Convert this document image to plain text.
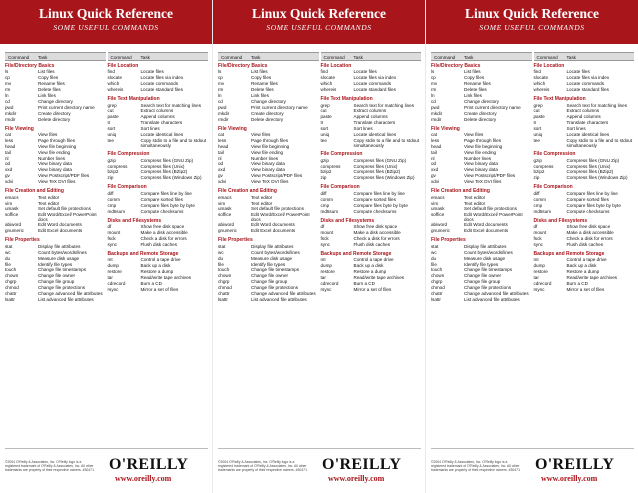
Linux Quick Reference
SOME USEFUL COMMANDS
Command	Task
File/Directory Basics
ls	List files
cp	Copy files
mv	Rename files
rm	Delete files
ln	Link files
cd	Change directory
pwd	Print current directory name
mkdir	Create directory
rmdir	Delete directory
File Viewing
cat	View files
less	Page through files
head	View file beginning
tail	View file ending
nl	Number lines
od	View binary data
xxd	View binary data
gv	View Postscript/PDF files
xdvi	View TeX DVI files
File Creation and Editing
emacs	Text editor
vim	Text editor
umask	Set default file protections
soffice	Edit Word/Excel/ PowerPoint docs
abiword	Edit Word documents
gnumeric	Edit Excel documents
File Properties
stat	Display file attributes
wc	Count bytes/words/lines
du	Measure disk usage
file	Identify file types
touch	Change file timestamps
chown	Change file owner
chgrp	Change file group
chmod	Change file protections
chattr	Change advanced file attributes
lsattr	List advanced file attributes
Command	Task
File Location
find	Locate files
slocate	Locate files via index
which	Locate commands
whereis	Locate standard files
File Text Manipulation
grep	Search text for matching lines
cut	Extract columns
paste	Append columns
tr	Translate characters
sort	Sort lines
uniq	Locate identical lines
tee	Copy stdin to a file and to stdout simultaneously
File Compression
gzip	Compress files (GNU Zip)
compress	Compress files (Unix)
bzip2	Compress files (BZip2)
zip	Compress files (Windows Zip)
File Comparison
diff	Compare files line by line
comm	Compare sorted files
cmp	Compare files byte by byte
md5sum	Compute checksums
Disks and Filesystems
df	Show free disk space
mount	Make a disk accessible
fsck	Check a disk for errors
sync	Flush disk caches
Backups and Remote Storage
mt	Control a tape drive
dump	Back up a disk
restore	Restore a dump
tar	Read/write tape archives
cdrecord	Burn a CD
rsync	Mirror a set of files
©2004 O'Reilly & Associates, Inc. O'Reilly logo is a registered trademark of O'Reilly & Associates, Inc. All other trademarks are property of their respective owners. #30471 O'REILLY
www.oreilly.com
Linux Quick Reference
SOME USEFUL COMMANDS
Command	Task
File/Directory Basics
ls	List files
cp	Copy files
mv	Rename files
rm	Delete files
ln	Link files
cd	Change directory
pwd	Print current directory name
mkdir	Create directory
rmdir	Delete directory
File Viewing
cat	View files
less	Page through files
head	View file beginning
tail	View file ending
nl	Number lines
od	View binary data
xxd	View binary data
gv	View Postscript/PDF files
xdvi	View TeX DVI files
File Creation and Editing
emacs	Text editor
vim	Text editor
umask	Set default file protections
soffice	Edit Word/Excel/ PowerPoint docs
abiword	Edit Word documents
gnumeric	Edit Excel documents
File Properties
stat	Display file attributes
wc	Count bytes/words/lines
du	Measure disk usage
file	Identify file types
touch	Change file timestamps
chown	Change file owner
chgrp	Change file group
chmod	Change file protections
chattr	Change advanced file attributes
lsattr	List advanced file attributes
Command	Task
File Location
find	Locate files
slocate	Locate files via index
which	Locate commands
whereis	Locate standard files
File Text Manipulation
grep	Search text for matching lines
cut	Extract columns
paste	Append columns
tr	Translate characters
sort	Sort lines
uniq	Locate identical lines
tee	Copy stdin to a file and to stdout simultaneously
File Compression
gzip	Compress files (GNU Zip)
compress	Compress files (Unix)
bzip2	Compress files (BZip2)
zip	Compress files (Windows Zip)
File Comparison
diff	Compare files line by line
comm	Compare sorted files
cmp	Compare files byte by byte
md5sum	Compute checksums
Disks and Filesystems
df	Show free disk space
mount	Make a disk accessible
fsck	Check a disk for errors
sync	Flush disk caches
Backups and Remote Storage
mt	Control a tape drive
dump	Back up a disk
restore	Restore a dump
tar	Read/write tape archives
cdrecord	Burn a CD
rsync	Mirror a set of files
©2004 O'Reilly & Associates, Inc. O'Reilly logo is a registered trademark of O'Reilly & Associates, Inc. All other trademarks are property of their respective owners. #30471 O'REILLY
www.oreilly.com
Linux Quick Reference
SOME USEFUL COMMANDS
Command	Task
File/Directory Basics
ls	List files
cp	Copy files
mv	Rename files
rm	Delete files
ln	Link files
cd	Change directory
pwd	Print current directory name
mkdir	Create directory
rmdir	Delete directory
File Viewing
cat	View files
less	Page through files
head	View file beginning
tail	View file ending
nl	Number lines
od	View binary data
xxd	View binary data
gv	View Postscript/PDF files
xdvi	View TeX DVI files
File Creation and Editing
emacs	Text editor
vim	Text editor
umask	Set default file protections
soffice	Edit Word/Excel/ PowerPoint docs
abiword	Edit Word documents
gnumeric	Edit Excel documents
File Properties
stat	Display file attributes
wc	Count bytes/words/lines
du	Measure disk usage
file	Identify file types
touch	Change file timestamps
chown	Change file owner
chgrp	Change file group
chmod	Change file protections
chattr	Change advanced file attributes
lsattr	List advanced file attributes
Command	Task
File Location
find	Locate files
slocate	Locate files via index
which	Locate commands
whereis	Locate standard files
File Text Manipulation
grep	Search text for matching lines
cut	Extract columns
paste	Append columns
tr	Translate characters
sort	Sort lines
uniq	Locate identical lines
tee	Copy stdin to a file and to stdout simultaneously
File Compression
gzip	Compress files (GNU Zip)
compress	Compress files (Unix)
bzip2	Compress files (BZip2)
zip	Compress files (Windows Zip)
File Comparison
diff	Compare files line by line
comm	Compare sorted files
cmp	Compare files byte by byte
md5sum	Compute checksums
Disks and Filesystems
df	Show free disk space
mount	Make a disk accessible
fsck	Check a disk for errors
sync	Flush disk caches
Backups and Remote Storage
mt	Control a tape drive
dump	Back up a disk
restore	Restore a dump
tar	Read/write tape archives
cdrecord	Burn a CD
rsync	Mirror a set of files
©2004 O'Reilly & Associates, Inc. O'Reilly logo is a registered trademark of O'Reilly & Associates, Inc. All other trademarks are property of their respective owners. #30471 O'REILLY
www.oreilly.com
